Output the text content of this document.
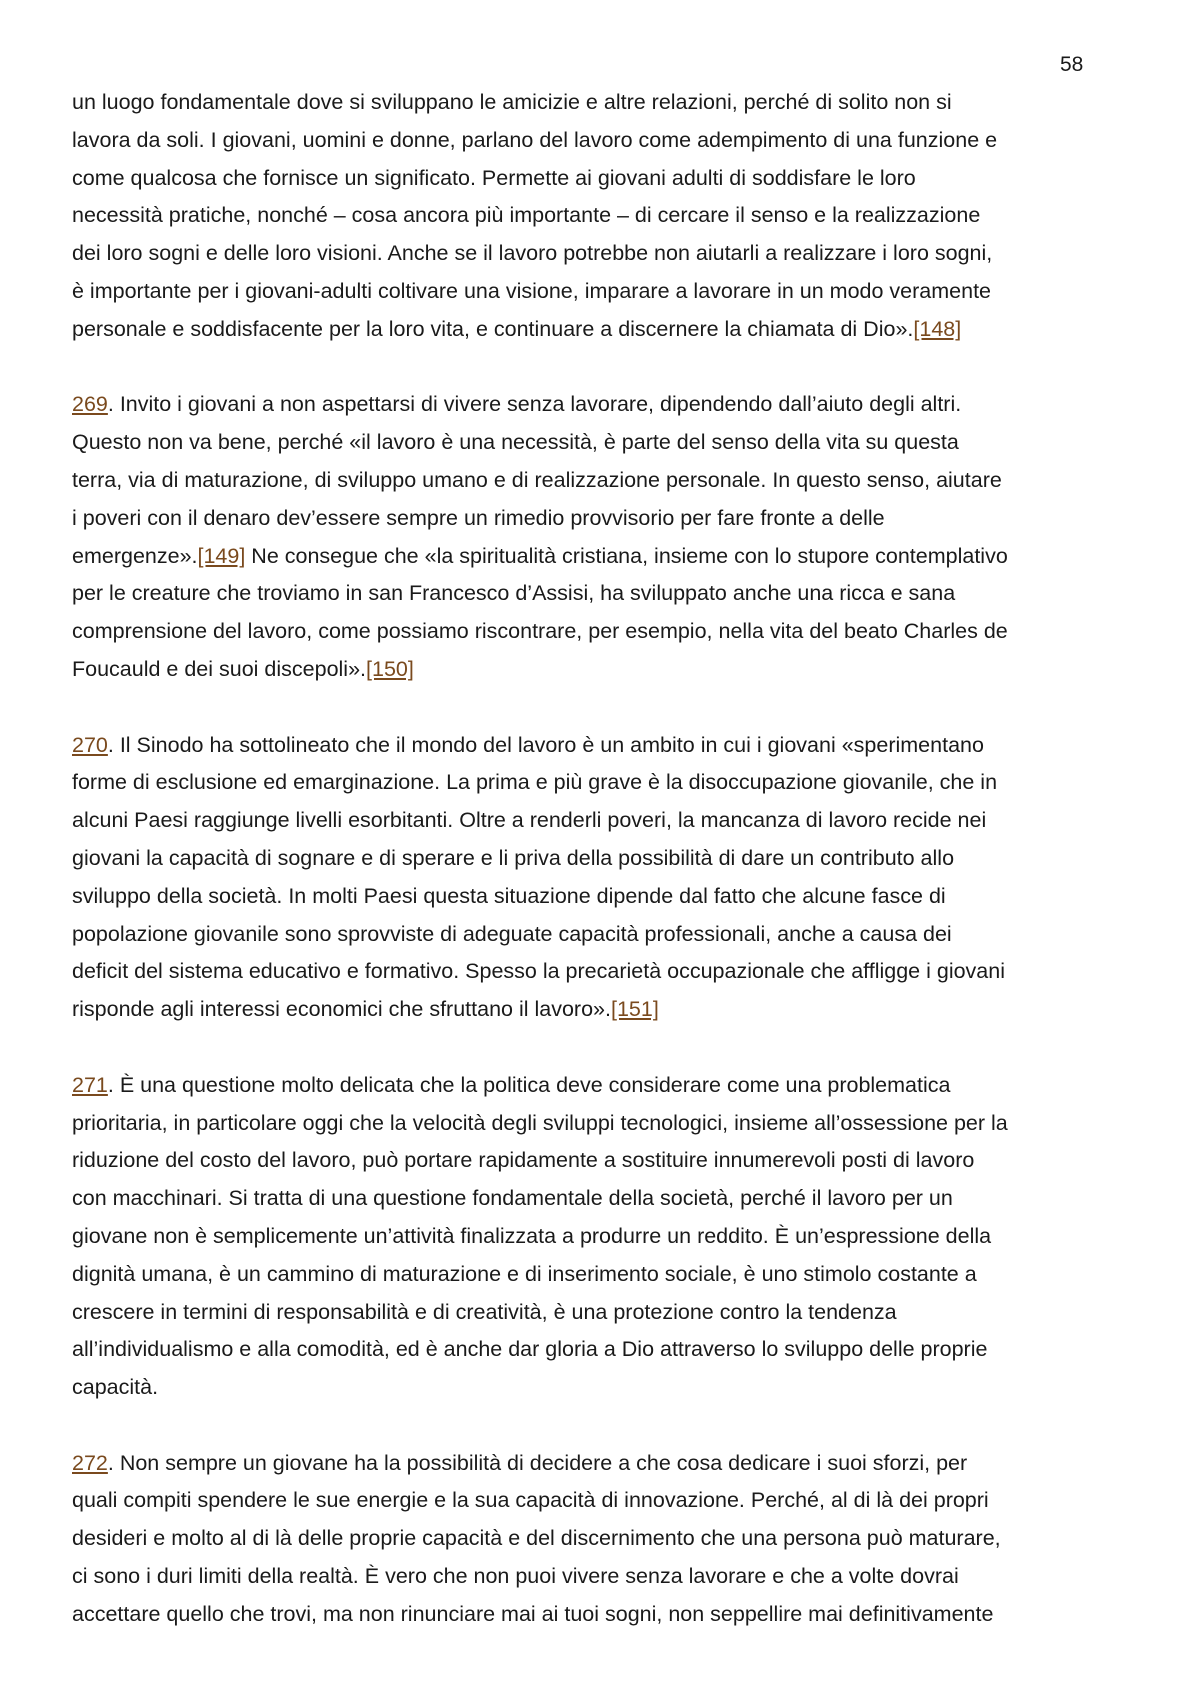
58

un luogo fondamentale dove si sviluppano le amicizie e altre relazioni, perché di solito non si
lavora da soli. I giovani, uomini e donne, parlano del lavoro come adempimento di una funzione e
come qualcosa che fornisce un significato. Permette ai giovani adulti di soddisfare le loro
necessità pratiche, nonché – cosa ancora più importante – di cercare il senso e la realizzazione
dei loro sogni e delle loro visioni. Anche se il lavoro potrebbe non aiutarli a realizzare i loro sogni,
è importante per i giovani-adulti coltivare una visione, imparare a lavorare in un modo veramente
personale e soddisfacente per la loro vita, e continuare a discernere la chiamata di Dio».[148]

269. Invito i giovani a non aspettarsi di vivere senza lavorare, dipendendo dall’aiuto degli altri.
Questo non va bene, perché «il lavoro è una necessità, è parte del senso della vita su questa
terra, via di maturazione, di sviluppo umano e di realizzazione personale. In questo senso, aiutare
i poveri con il denaro dev’essere sempre un rimedio provvisorio per fare fronte a delle
emergenze».[149] Ne consegue che «la spiritualità cristiana, insieme con lo stupore contemplativo
per le creature che troviamo in san Francesco d’Assisi, ha sviluppato anche una ricca e sana
comprensione del lavoro, come possiamo riscontrare, per esempio, nella vita del beato Charles de
Foucauld e dei suoi discepoli».[150]

270. Il Sinodo ha sottolineato che il mondo del lavoro è un ambito in cui i giovani «sperimentano
forme di esclusione ed emarginazione. La prima e più grave è la disoccupazione giovanile, che in
alcuni Paesi raggiunge livelli esorbitanti. Oltre a renderli poveri, la mancanza di lavoro recide nei
giovani la capacità di sognare e di sperare e li priva della possibilità di dare un contributo allo
sviluppo della società. In molti Paesi questa situazione dipende dal fatto che alcune fasce di
popolazione giovanile sono sprovviste di adeguate capacità professionali, anche a causa dei
deficit del sistema educativo e formativo. Spesso la precarietà occupazionale che affligge i giovani
risponde agli interessi economici che sfruttano il lavoro».[151]

271. È una questione molto delicata che la politica deve considerare come una problematica
prioritaria, in particolare oggi che la velocità degli sviluppi tecnologici, insieme all’ossessione per la
riduzione del costo del lavoro, può portare rapidamente a sostituire innumerevoli posti di lavoro
con macchinari. Si tratta di una questione fondamentale della società, perché il lavoro per un
giovane non è semplicemente un’attività finalizzata a produrre un reddito. È un’espressione della
dignità umana, è un cammino di maturazione e di inserimento sociale, è uno stimolo costante a
crescere in termini di responsabilità e di creatività, è una protezione contro la tendenza
all’individualismo e alla comodità, ed è anche dar gloria a Dio attraverso lo sviluppo delle proprie
capacità.

272. Non sempre un giovane ha la possibilità di decidere a che cosa dedicare i suoi sforzi, per
quali compiti spendere le sue energie e la sua capacità di innovazione. Perché, al di là dei propri
desideri e molto al di là delle proprie capacità e del discernimento che una persona può maturare,
ci sono i duri limiti della realtà. È vero che non puoi vivere senza lavorare e che a volte dovrai
accettare quello che trovi, ma non rinunciare mai ai tuoi sogni, non seppellire mai definitivamente
